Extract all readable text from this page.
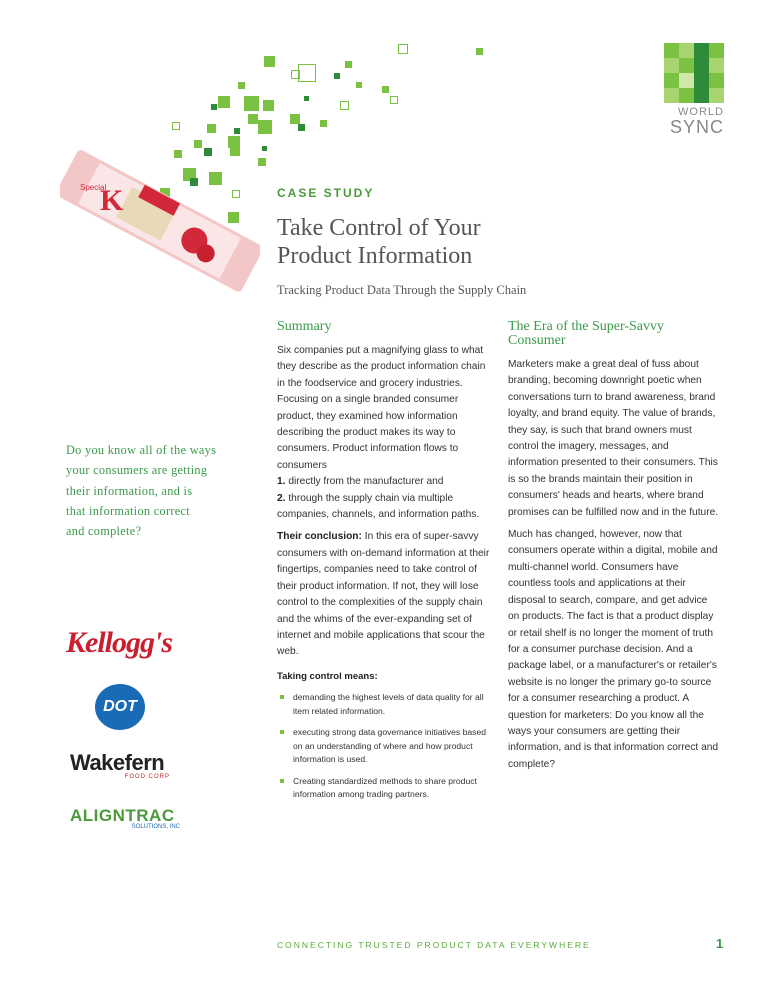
K
Special
WORLD
SYNC
CASE STUDY
Take Control of Your
Product Information
Tracking Product Data Through the Supply Chain
Do you know all of the ways
your consumers are getting
their information, and is
that information correct
and complete?
Kellogg's
DOT
Wakefern
FOOD CORP
ALIGNTRAC
SOLUTIONS, INC
Summary

Six companies put a magnifying glass to what they describe as the product information chain in the foodservice and grocery industries. Focusing on a single branded consumer product, they examined how information describing the product makes its way to consumers. Product information flows to consumers
1. directly from the manufacturer and
2. through the supply chain via multiple companies, channels, and information paths.

Their conclusion: In this era of super-savvy consumers with on-demand information at their fingertips, companies need to take control of their product information. If not, they will lose control to the complexities of the supply chain and the whims of the ever-expanding set of internet and mobile applications that scour the web.

Taking control means:
demanding the highest levels of data quality for all item related information.
executing strong data governance initiatives based on an understanding of where and how product information is used.
Creating standardized methods to share product information among trading partners.
The Era of the Super-Savvy
Consumer

Marketers make a great deal of fuss about branding, becoming downright poetic when conversations turn to brand awareness, brand loyalty, and brand equity. The value of brands, they say, is such that brand owners must control the imagery, messages, and information presented to their consumers. This is so the brands maintain their position in consumers' heads and hearts, where brand promises can be fulfilled now and in the future.

Much has changed, however, now that consumers operate within a digital, mobile and multi-channel world. Consumers have countless tools and applications at their disposal to search, compare, and get advice on products. The fact is that a product display or retail shelf is no longer the moment of truth for a consumer purchase decision. And a package label, or a manufacturer's or retailer's website is no longer the primary go-to source for a consumer researching a product. A question for marketers: Do you know all the ways your consumers are getting their information, and is that information correct and complete?

CONNECTING TRUSTED PRODUCT DATA EVERYWHERE	1
